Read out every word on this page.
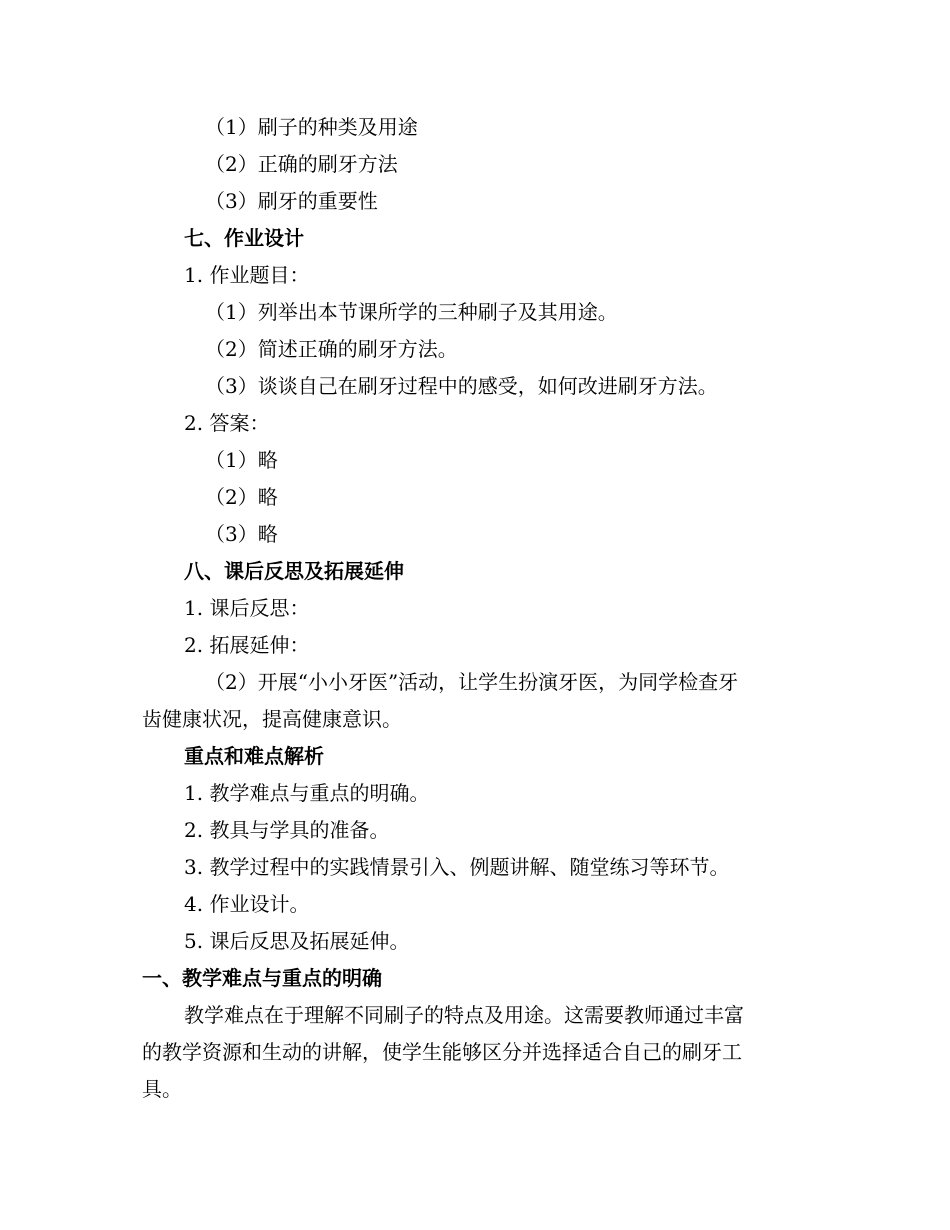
（1）刷子的种类及用途
（2）正确的刷牙方法
（3）刷牙的重要性
七、作业设计
1. 作业题目：
（1）列举出本节课所学的三种刷子及其用途。
（2）简述正确的刷牙方法。
（3）谈谈自己在刷牙过程中的感受，如何改进刷牙方法。
2. 答案：
（1）略
（2）略
（3）略
八、课后反思及拓展延伸
1. 课后反思：
2. 拓展延伸：
（2）开展“小小牙医”活动，让学生扮演牙医，为同学检查牙
齿健康状况，提高健康意识。
重点和难点解析
1. 教学难点与重点的明确。
2. 教具与学具的准备。
3. 教学过程中的实践情景引入、例题讲解、随堂练习等环节。
4. 作业设计。
5. 课后反思及拓展延伸。
一、教学难点与重点的明确
教学难点在于理解不同刷子的特点及用途。这需要教师通过丰富
的教学资源和生动的讲解，使学生能够区分并选择适合自己的刷牙工
具。
